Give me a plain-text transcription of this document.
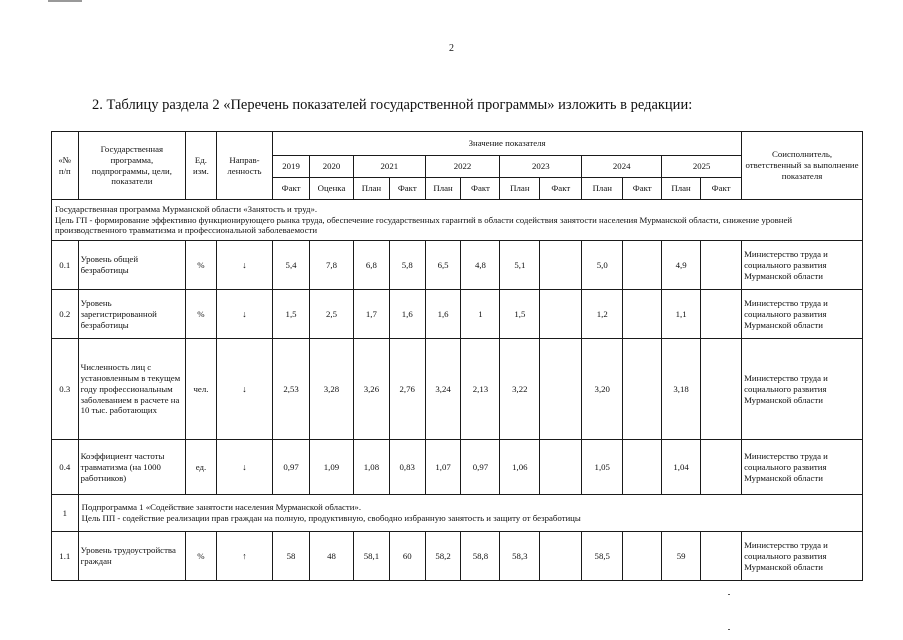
2
2. Таблицу раздела 2 «Перечень показателей государственной программы» изложить в редакции:
«№ п/п	Государственная программа, подпрограммы, цели, показатели	Ед. изм.	Направ-ленность	Значение показателя												Соисполнитель, ответственный за выполнение показателя
				2019	2020	2021		2022		2023		2024		2025		
				Факт	Оценка	План	Факт	План	Факт	План	Факт	План	Факт	План	Факт	

Государственная программа Мурманской области «Занятость и труд».
Цель ГП - формирование эффективно функционирующего рынка труда, обеспечение государственных гарантий в области содействия занятости населения Мурманской области, снижение уровней производственного травматизма и профессиональной заболеваемости																

0.1	Уровень общей безработицы	%	↓	5,4	7,8	6,8	5,8	6,5	4,8	5,1		5,0		4,9		Министерство труда и социального развития Мурманской области
0.2	Уровень зарегистрированной безработицы	%	↓	1,5	2,5	1,7	1,6	1,6	1	1,5		1,2		1,1		Министерство труда и социального развития Мурманской области
0.3	Численность лиц с установленным в текущем году профессиональным заболеванием в расчете на 10 тыс. работающих	чел.	↓	2,53	3,28	3,26	2,76	3,24	2,13	3,22		3,20		3,18		Министерство труда и социального развития Мурманской области
0.4	Коэффициент частоты травматизма (на 1000 работников)	ед.	↓	0,97	1,09	1,08	0,83	1,07	0,97	1,06		1,05		1,04		Министерство труда и социального развития Мурманской области
1	Подпрограмма 1 «Содействие занятости населения Мурманской области».
Цель ПП - содействие реализации прав граждан на полную, продуктивную, свободно избранную занятость и защиту от безработицы															

1.1	Уровень трудоустройства граждан	%	↑	58	48	58,1	60	58,2	58,8	58,3		58,5		59		Министерство труда и социального развития Мурманской области
